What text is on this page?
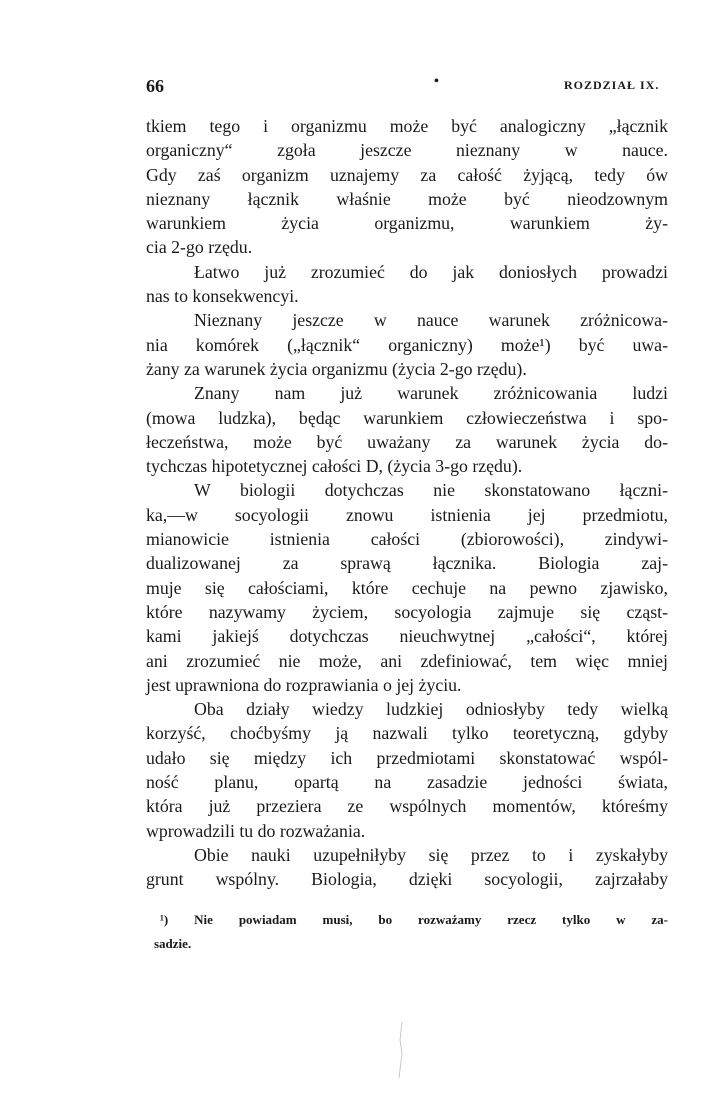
66	•	ROZDZIAŁ IX.

tkiem tego i organizmu może być analogiczny „łącznik
organiczny“ zgoła jeszcze nieznany w nauce.
Gdy zaś organizm uznajemy za całość żyjącą, tedy ów
nieznany łącznik właśnie może być nieodzownym
warunkiem życia organizmu, warunkiem ży-
cia 2-go rzędu.

Łatwo już zrozumieć do jak doniosłych prowadzi
nas to konsekwencyi.

Nieznany jeszcze w nauce warunek zróżnicowa-
nia komórek („łącznik“ organiczny) może¹) być uwa-
żany za warunek życia organizmu (życia 2-go rzędu).

Znany nam już warunek zróżnicowania ludzi
(mowa ludzka), będąc warunkiem człowieczeństwa i spo-
łeczeństwa, może być uważany za warunek życia do-
tychczas hipotetycznej całości D, (życia 3-go rzędu).

W biologii dotychczas nie skonstatowano łączni-
ka,—w socyologii znowu istnienia jej przedmiotu,
mianowicie istnienia całości (zbiorowości), zindywi-
dualizowanej za sprawą łącznika. Biologia zaj-
muje się całościami, które cechuje na pewno zjawisko,
które nazywamy życiem, socyologia zajmuje się cząst-
kami jakiejś dotychczas nieuchwytnej „całości“, której
ani zrozumieć nie może, ani zdefiniować, tem więc mniej
jest uprawniona do rozprawiania o jej życiu.

Oba działy wiedzy ludzkiej odniosłyby tedy wielką
korzyść, choćbyśmy ją nazwali tylko teoretyczną, gdyby
udało się między ich przedmiotami skonstatować wspól-
ność planu, opartą na zasadzie jedności świata,
która już przeziera ze wspólnych momentów, któreśmy
wprowadzili tu do rozważania.

Obie nauki uzupełniłyby się przez to i zyskałyby
grunt wspólny. Biologia, dzięki socyologii, zajrzałaby

¹) Nie powiadam musi, bo rozważamy rzecz tylko w za-
sadzie.
